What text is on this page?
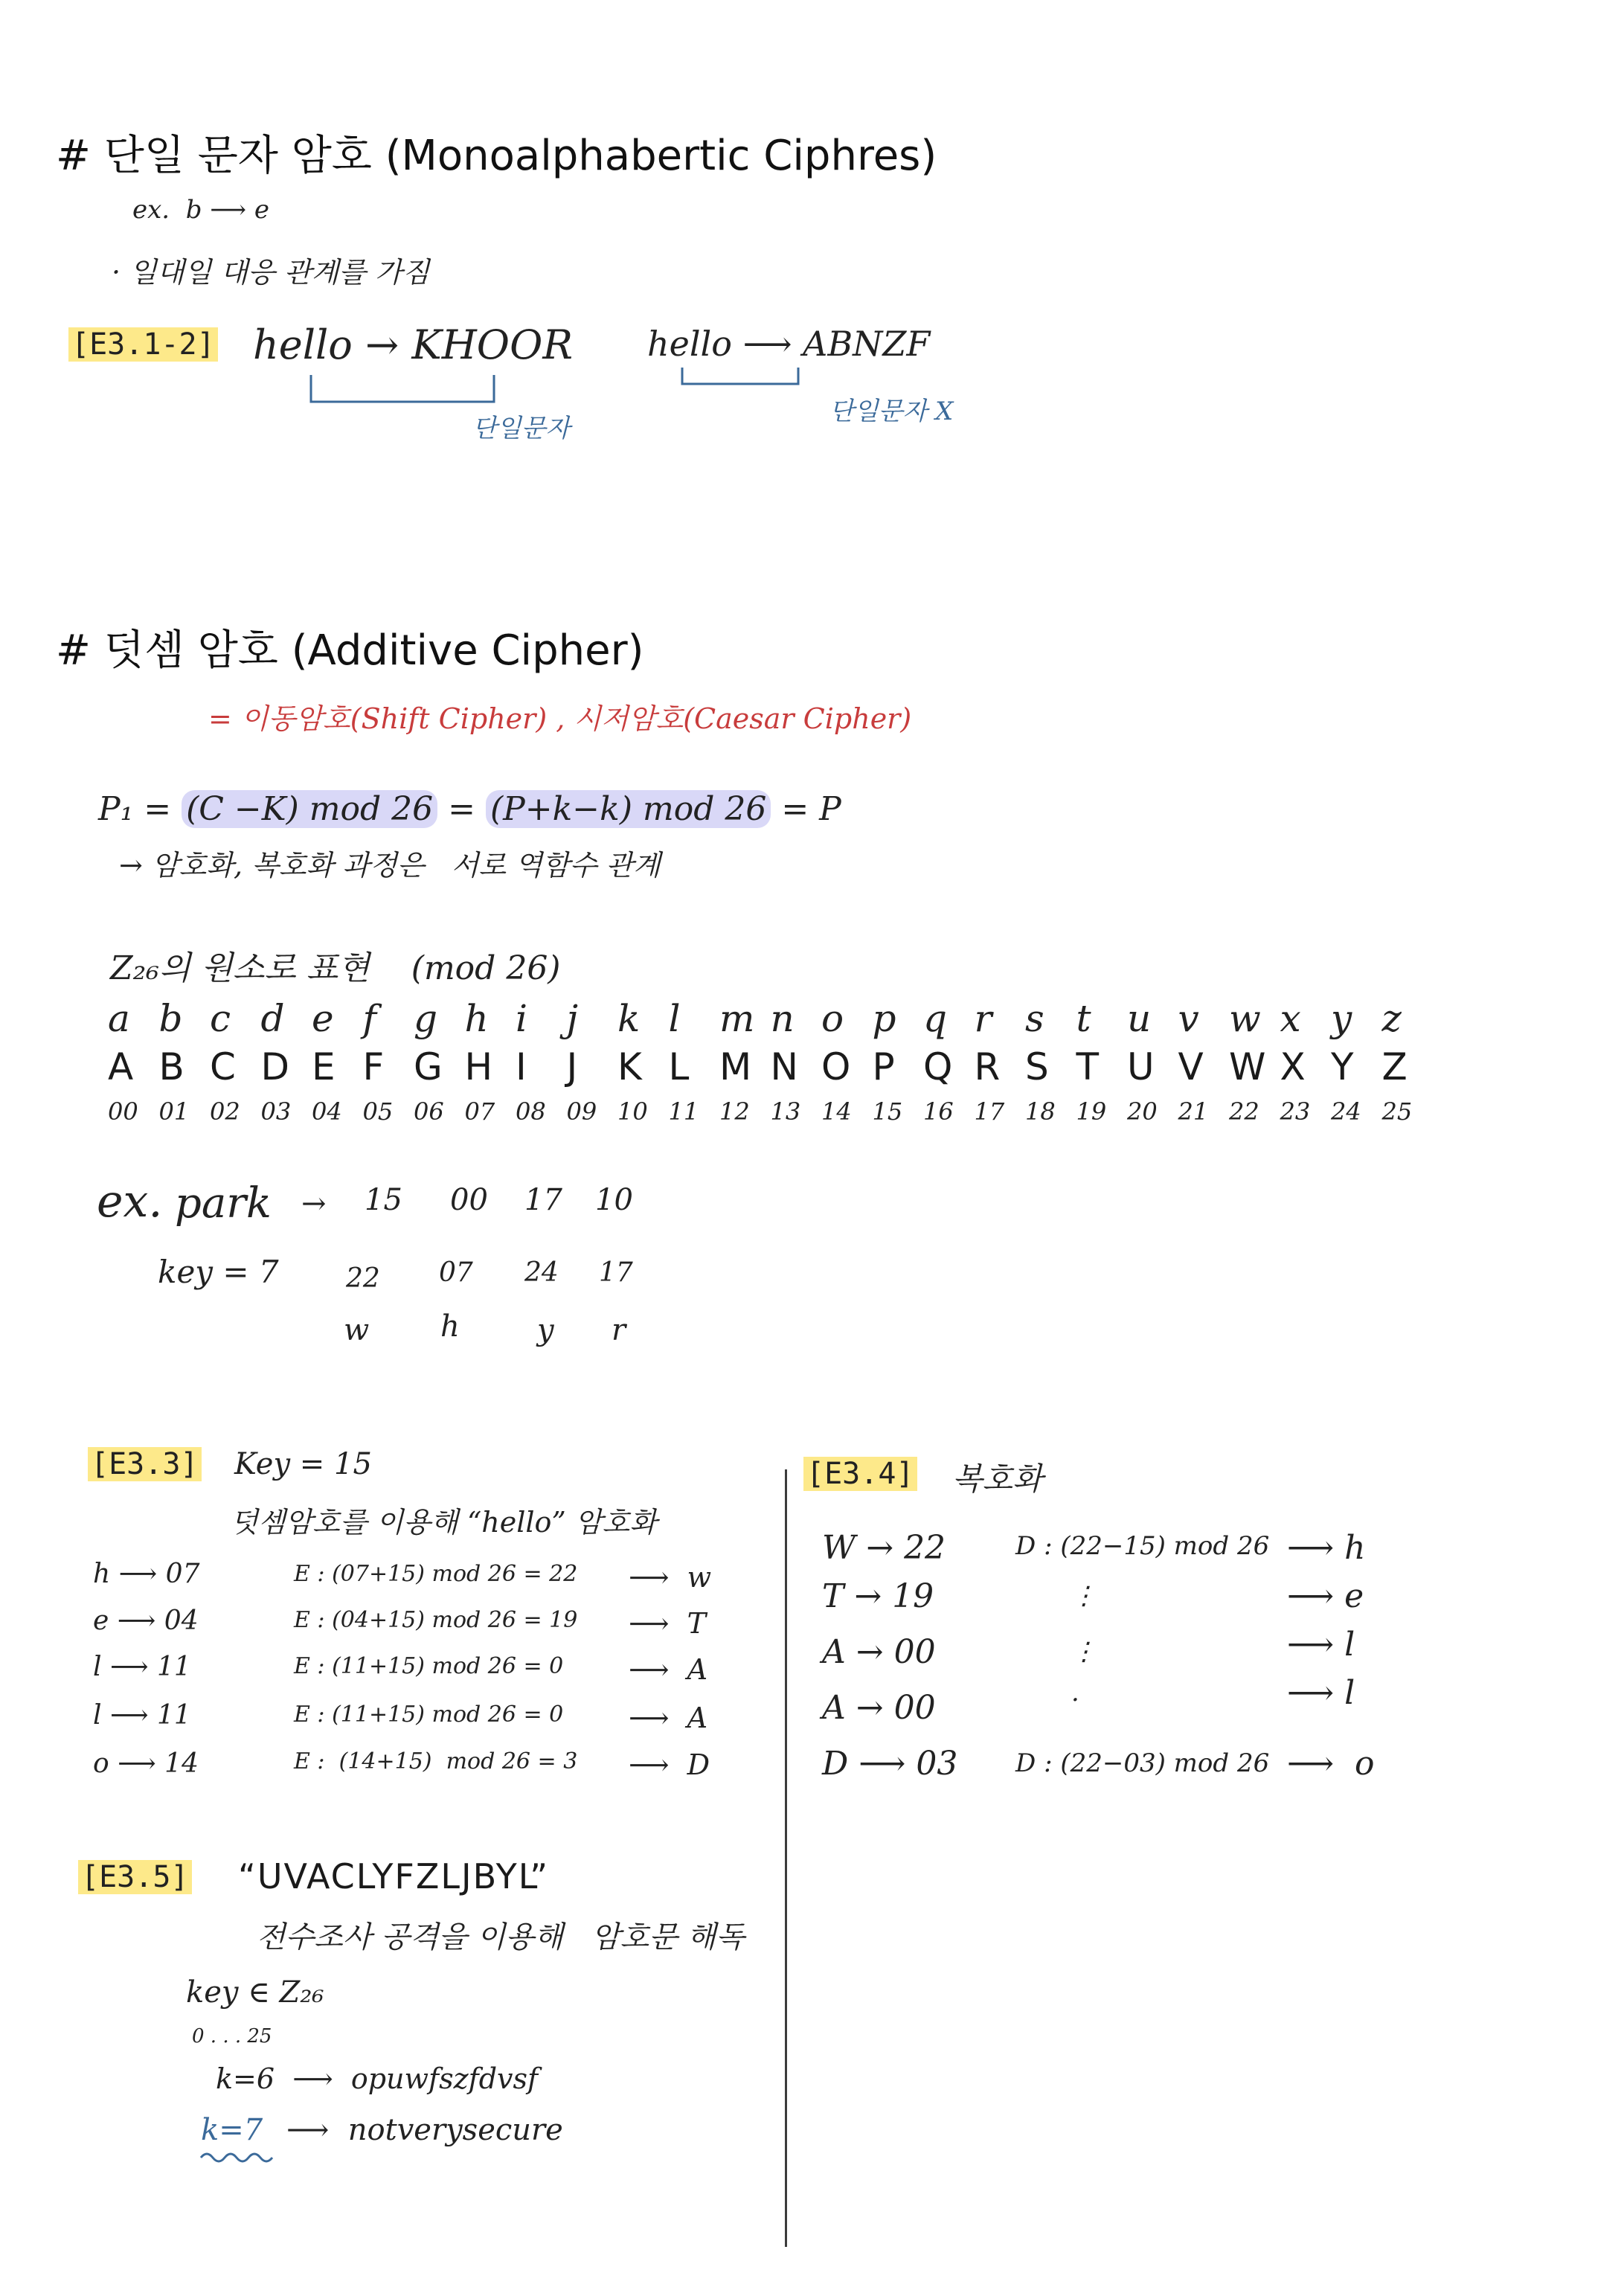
# 단일 문자 암호 (Monoalphabertic Ciphres)
ex.  b ⟶ e
· 일대일 대응 관계를 가짐
[E3.1-2] hello → KHOOR
단일문자
hello ⟶ ABNZF
단일문자 X
# 덧셈 암호 (Additive Cipher)
= 이동암호(Shift Cipher) , 시저암호(Caesar Cipher)
P₁ = (C −K) mod 26 = (P+k−k) mod 26 = P
→ 암호화, 복호화 과정은   서로 역함수 관계
Z₂₆의 원소로 표현    (mod 26)
a b c d e f g h i j k l m n o p q r s t u v w x y z
A B C D E F G H I J K L M N O P Q R S T U V W X Y Z
00 01 02 03 04 05 06 07 08 09 10 11 12 13 14 15 16 17 18 19 20 21 22 23 24 25
ex. park → 15 00 17 10
key = 7	22 07 24 17
w h	y r
[E3.3] Key = 15
덧셈암호를 이용해 “hello” 암호화
h ⟶ 07
e ⟶ 04
l ⟶ 11
l ⟶ 11
o ⟶ 14
E : (07+15) mod 26 = 22
E : (04+15) mod 26 = 19
E : (11+15) mod 26 = 0
E : (11+15) mod 26 = 0
E :  (14+15)  mod 26 = 3
⟶  w
⟶  T
⟶  A
⟶  A
⟶  D
[E3.4] 복호화
W → 22
T → 19
A → 00
A → 00
D ⟶ 03
D : (22−15) mod 26
⋮
⋮
·
D : (22−03) mod 26
⟶ h
⟶ e
⟶ l
⟶ l
⟶  o
[E3.5] “UVACLYFZLJBYL”
전수조사 공격을 이용해   암호문 해독
key ∈ Z₂₆
0 . . . 25
k=6  ⟶  opuwfszfdvsf
k=7 ⟶  notverysecure
